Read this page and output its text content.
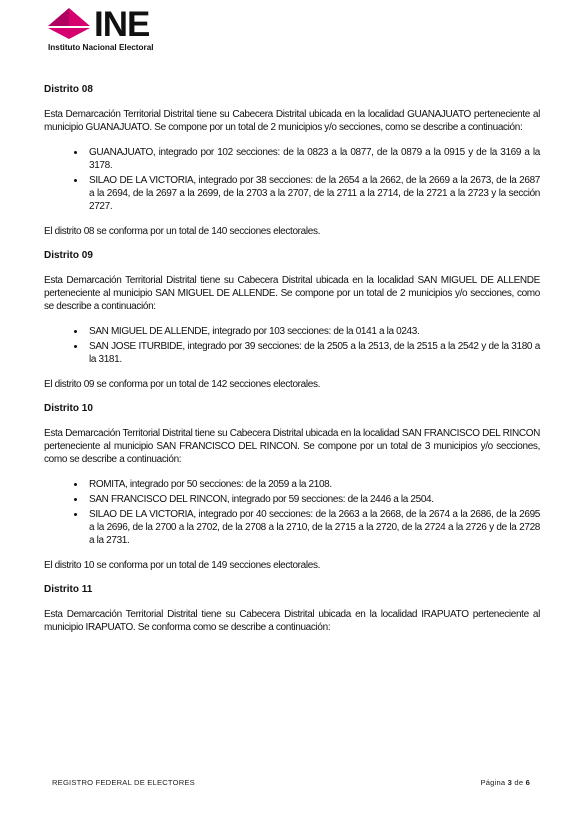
INE
Instituto Nacional Electoral
Distrito 08

Esta Demarcación Territorial Distrital tiene su Cabecera Distrital ubicada en la localidad GUANAJUATO perteneciente al municipio GUANAJUATO. Se compone por un total de 2 municipios y/o secciones, como se describe a continuación:

• GUANAJUATO, integrado por 102 secciones: de la 0823 a la 0877, de la 0879 a la 0915 y de la 3169 a la 3178.
• SILAO DE LA VICTORIA, integrado por 38 secciones: de la 2654 a la 2662, de la 2669 a la 2673, de la 2687 a la 2694, de la 2697 a la 2699, de la 2703 a la 2707, de la 2711 a la 2714, de la 2721 a la 2723 y la sección 2727.

El distrito 08 se conforma por un total de 140 secciones electorales.

Distrito 09

Esta Demarcación Territorial Distrital tiene su Cabecera Distrital ubicada en la localidad SAN MIGUEL DE ALLENDE perteneciente al municipio SAN MIGUEL DE ALLENDE. Se compone por un total de 2 municipios y/o secciones, como se describe a continuación:

• SAN MIGUEL DE ALLENDE, integrado por 103 secciones: de la 0141 a la 0243.
• SAN JOSE ITURBIDE, integrado por 39 secciones: de la 2505 a la 2513, de la 2515 a la 2542 y de la 3180 a la 3181.

El distrito 09 se conforma por un total de 142 secciones electorales.

Distrito 10

Esta Demarcación Territorial Distrital tiene su Cabecera Distrital ubicada en la localidad SAN FRANCISCO DEL RINCON perteneciente al municipio SAN FRANCISCO DEL RINCON. Se compone por un total de 3 municipios y/o secciones, como se describe a continuación:

• ROMITA, integrado por 50 secciones: de la 2059 a la 2108.
• SAN FRANCISCO DEL RINCON, integrado por 59 secciones: de la 2446 a la 2504.
• SILAO DE LA VICTORIA, integrado por 40 secciones: de la 2663 a la 2668, de la 2674 a la 2686, de la 2695 a la 2696, de la 2700 a la 2702, de la 2708 a la 2710, de la 2715 a la 2720, de la 2724 a la 2726 y de la 2728 a la 2731.

El distrito 10 se conforma por un total de 149 secciones electorales.

Distrito 11

Esta Demarcación Territorial Distrital tiene su Cabecera Distrital ubicada en la localidad IRAPUATO perteneciente al municipio IRAPUATO. Se conforma como se describe a continuación:

REGISTRO FEDERAL DE ELECTORES	Página 3 de 6
